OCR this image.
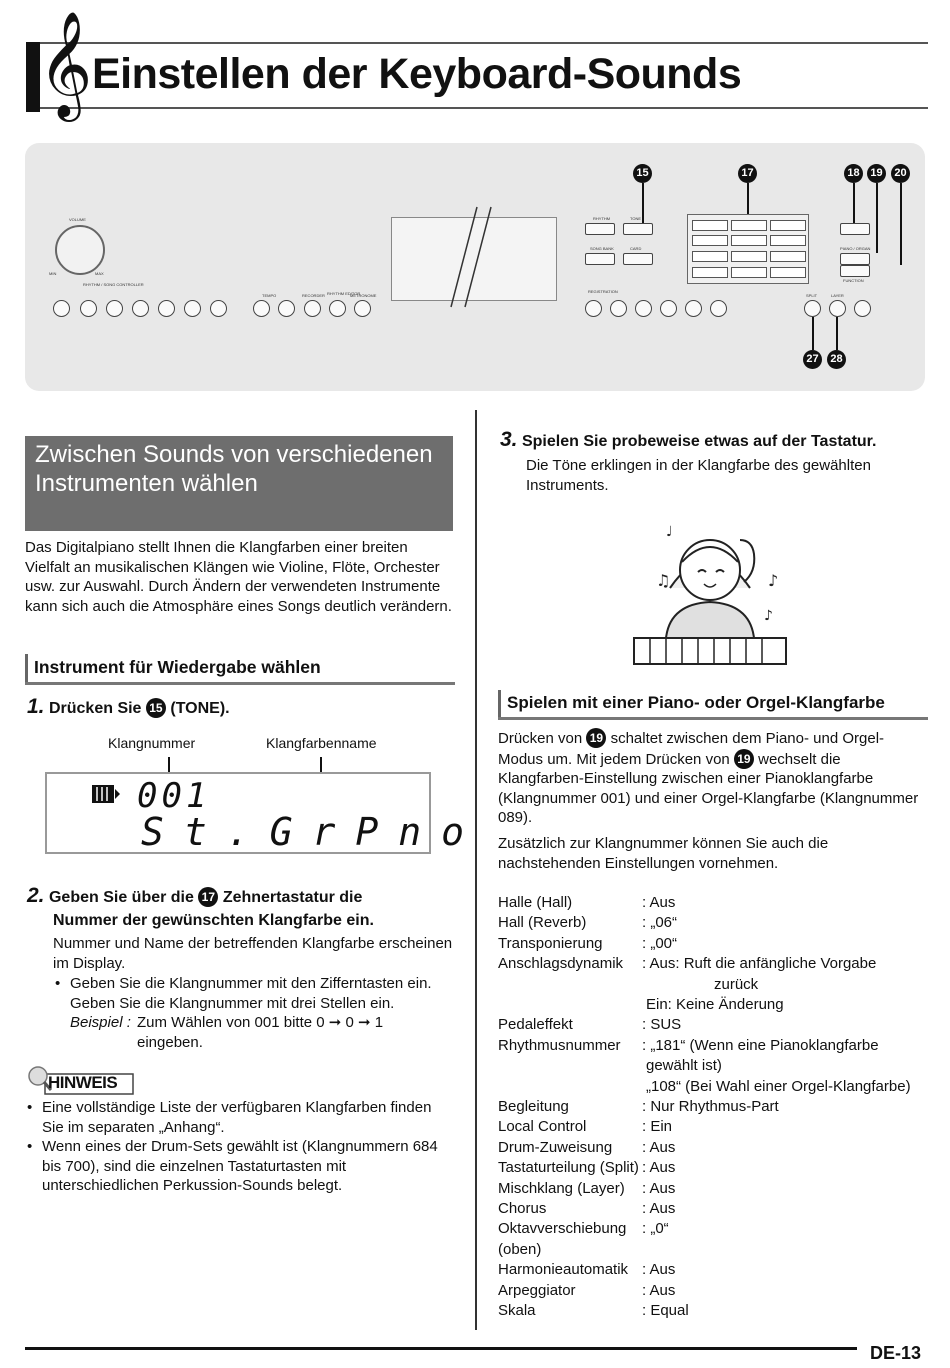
𝄞 Einstellen der Keyboard-Sounds
VOLUME
MIN	MAX
RHYTHM / SONG CONTROLLER
TEMPO	RECORDER RHYTHM EDITOR
METRONOME
RHYTHM	TONE
SONG BANK	CARD
REGISTRATION
PIANO / ORGAN
FUNCTION
SPLIT	LAYER
15	17	18 19	20
27	28
Zwischen Sounds von verschiedenen Instrumenten wählen

Das Digitalpiano stellt Ihnen die Klangfarben einer breiten Vielfalt an musikalischen Klängen wie Violine, Flöte, Orchester usw. zur Auswahl. Durch Ändern der verwendeten Instrumente kann sich auch die Atmosphäre eines Songs deutlich verändern.

Instrument für Wiedergabe wählen

1. Drücken Sie 15 (TONE).

Klangnummer	Klangfarbenname
001
St.GrPno

2. Geben Sie über die 17 Zehnertastatur die

Nummer der gewünschten Klangfarbe ein.

Nummer und Name der betreffenden Klangfarbe erscheinen im Display.

• Geben Sie die Klangnummer mit den Zifferntasten ein. Geben Sie die Klangnummer mit drei Stellen ein.

Beispiel : Zum Wählen von 001 bitte 0 ➞ 0 ➞ 1

eingeben.

HINWEIS
• Eine vollständige Liste der verfügbaren Klangfarben finden Sie im separaten „Anhang“.

• Wenn eines der Drum-Sets gewählt ist (Klangnummern 684 bis 700), sind die einzelnen Tastaturtasten mit unterschiedlichen Perkussion-Sounds belegt.

3. Spielen Sie probeweise etwas auf der Tastatur.

Die Töne erklingen in der Klangfarbe des gewählten Instruments.

♫	♪
♪
♩
Spielen mit einer Piano- oder Orgel-Klangfarbe

Drücken von 19 schaltet zwischen dem Piano- und Orgel-Modus um. Mit jedem Drücken von 19 wechselt die Klangfarben-Einstellung zwischen einer Pianoklangfarbe (Klangnummer 001) und einer Orgel-Klangfarbe (Klangnummer 089).

Zusätzlich zur Klangnummer können Sie auch die nachstehenden Einstellungen vornehmen.

Halle (Hall)	: Aus
Hall (Reverb)	: „06“
Transponierung	: „00“
Anschlagsdynamik : Aus: Ruft die anfängliche Vorgabe
zurück
Ein: Keine Änderung
Pedaleffekt	: SUS
Rhythmusnummer : „181“ (Wenn eine Pianoklangfarbe
gewählt ist)
„108“ (Bei Wahl einer Orgel-Klangfarbe)
Begleitung	: Nur Rhythmus-Part
Local Control	: Ein
Drum-Zuweisung : Aus
Tastaturteilung (Split) : Aus
Mischklang (Layer) : Aus
Chorus	: Aus
Oktavverschiebung : „0“
(oben)
Harmonieautomatik : Aus
Arpeggiator	: Aus
Skala	: Equal
DE-13
